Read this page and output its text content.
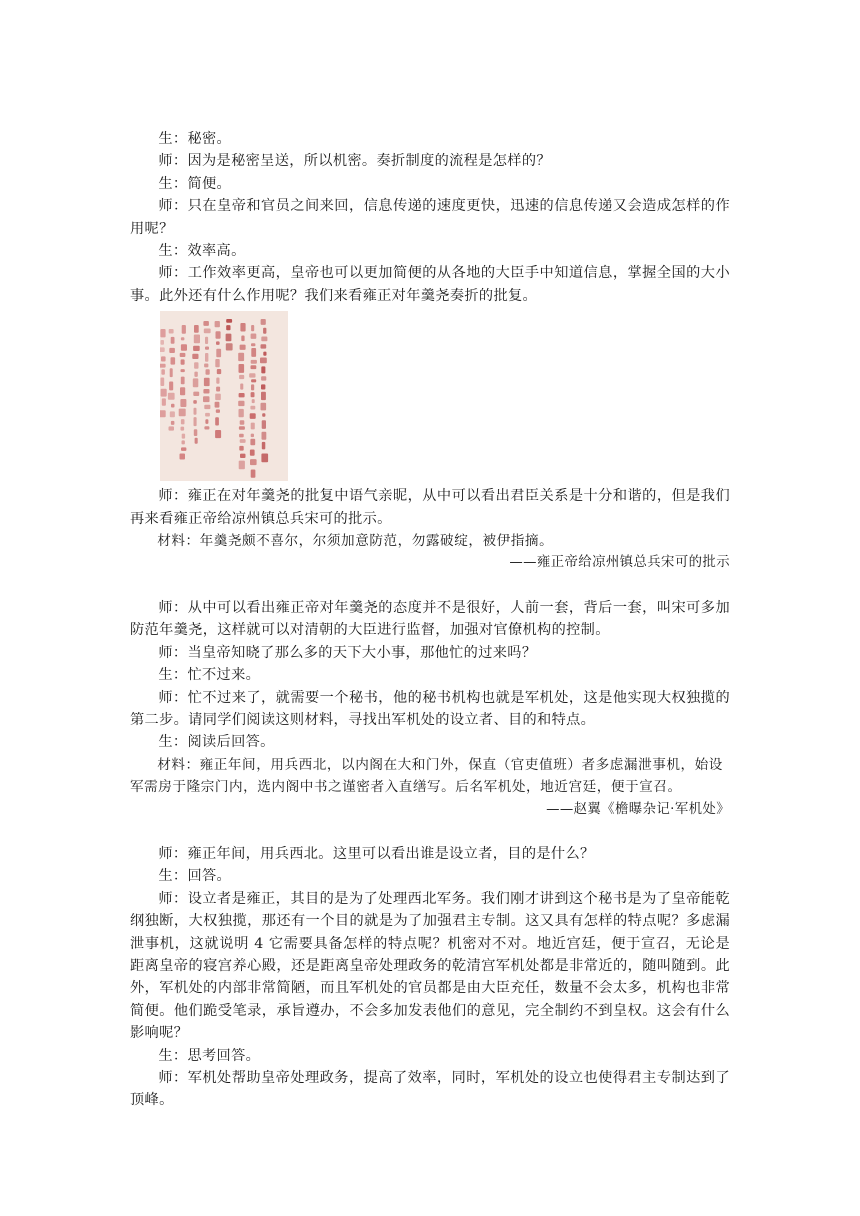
生：秘密。

师：因为是秘密呈送，所以机密。奏折制度的流程是怎样的？

生：简便。

师：只在皇帝和官员之间来回，信息传递的速度更快，迅速的信息传递又会造成怎样的作用呢？

生：效率高。

师：工作效率更高，皇帝也可以更加简便的从各地的大臣手中知道信息，掌握全国的大小事。此外还有什么作用呢？我们来看雍正对年羹尧奏折的批复。

师：雍正在对年羹尧的批复中语气亲昵，从中可以看出君臣关系是十分和谐的，但是我们再来看雍正帝给凉州镇总兵宋可的批示。

材料：年羹尧颇不喜尔，尔须加意防范，勿露破绽，被伊指摘。

——雍正帝给凉州镇总兵宋可的批示

师：从中可以看出雍正帝对年羹尧的态度并不是很好，人前一套，背后一套，叫宋可多加防范年羹尧，这样就可以对清朝的大臣进行监督，加强对官僚机构的控制。

师：当皇帝知晓了那么多的天下大小事，那他忙的过来吗？

生：忙不过来。

师：忙不过来了，就需要一个秘书，他的秘书机构也就是军机处，这是他实现大权独揽的第二步。请同学们阅读这则材料，寻找出军机处的设立者、目的和特点。

生：阅读后回答。

材料：雍正年间，用兵西北，以内阁在大和门外，保直（官吏值班）者多虑漏泄事机，始设军需房于隆宗门内，选内阁中书之谨密者入直缮写。后名军机处，地近宫廷，便于宣召。

——赵翼《檐曝杂记·军机处》

师：雍正年间，用兵西北。这里可以看出谁是设立者，目的是什么？

生：回答。

师：设立者是雍正，其目的是为了处理西北军务。我们刚才讲到这个秘书是为了皇帝能乾纲独断，大权独揽，那还有一个目的就是为了加强君主专制。这又具有怎样的特点呢？多虑漏泄事机，这就说明 4 它需要具备怎样的特点呢？机密对不对。地近宫廷，便于宣召，无论是距离皇帝的寝宫养心殿，还是距离皇帝处理政务的乾清宫军机处都是非常近的，随叫随到。此外，军机处的内部非常简陋，而且军机处的官员都是由大臣充任，数量不会太多，机构也非常简便。他们跪受笔录，承旨遵办，不会多加发表他们的意见，完全制约不到皇权。这会有什么影响呢？

生：思考回答。

师：军机处帮助皇帝处理政务，提高了效率，同时，军机处的设立也使得君主专制达到了顶峰。
